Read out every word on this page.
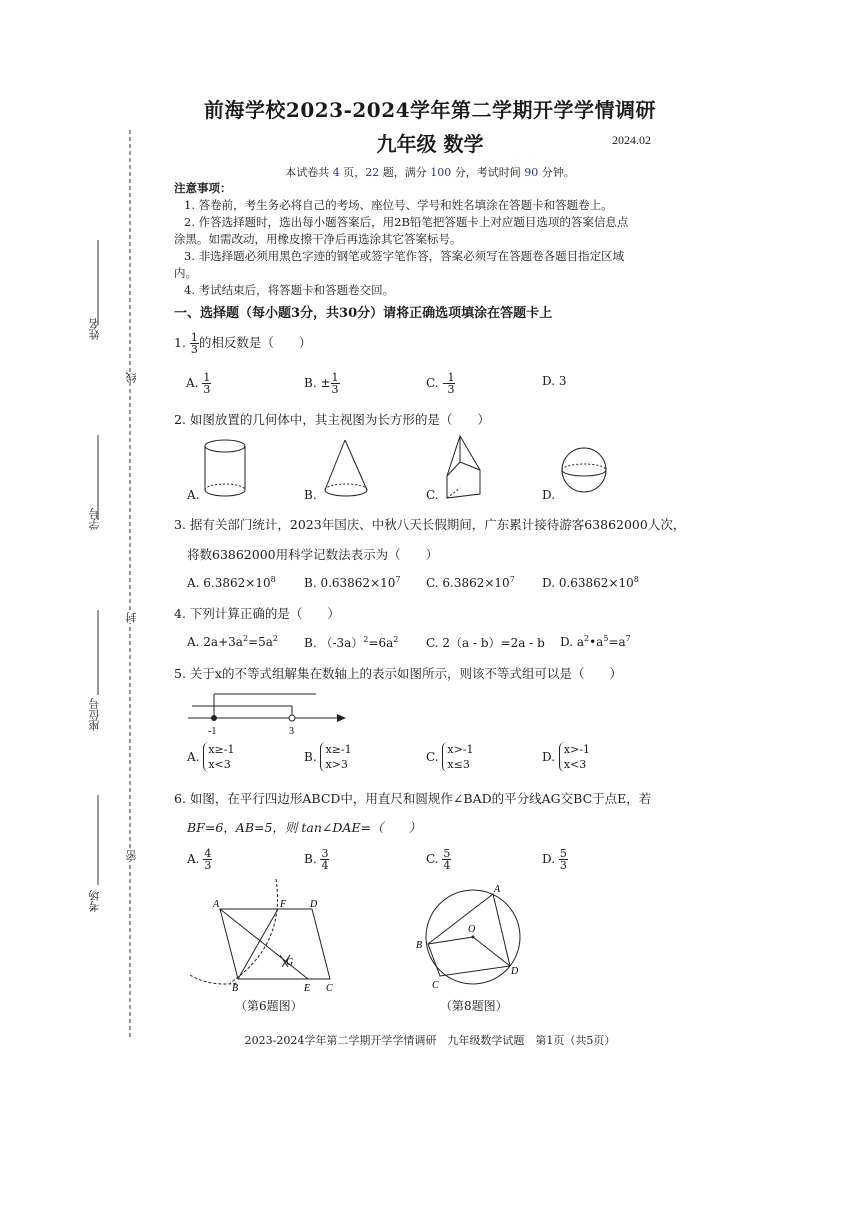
前海学校2023-2024学年第二学期开学学情调研
九年级 数学	2024.02
本试卷共 4 页，22 题，满分 100 分，考试时间 90 分钟。
注意事项：
1. 答卷前，考生务必将自己的考场、座位号、学号和姓名填涂在答题卡和答题卷上。
2. 作答选择题时，选出每小题答案后，用2B铅笔把答题卡上对应题目选项的答案信息点
涂黑。如需改动，用橡皮擦干净后再选涂其它答案标号。
3. 非选择题必须用黑色字迹的钢笔或签字笔作答，答案必须写在答题卷各题目指定区域
内。
4. 考试结束后，将答题卡和答题卷交回。
一、选择题（每小题3分，共30分）请将正确选项填涂在答题卡上
姓名
学号
座位号
考场
线
封
密
1. $\frac{1}{3}$ 的相反数是（　　）
A. $\frac{1}{3}$	B. ± $\frac{1}{3}$	C. - $\frac{1}{3}$	D. 3
2. 如图放置的几何体中，其主视图为长方形的是（　　）
A.	B.	C.	D.
3. 据有关部门统计，2023年国庆、中秋八天长假期间，广东累计接待游客63862000人次，
将数63862000用科学记数法表示为（　　）
A. $6.3862\times 10^8$ B. $0.63862\times 10^7$ C. $6.3862\times 10^7$ D. $0.63862\times 10^8$
4. 下列计算正确的是（　　）
A. $2a+3a^2=5a^2$ B. $(-3a)^2=6a^2$ C. 2（a - b）=2a - b D. $a^2•a^5=a^7$
5. 关于x的不等式组解集在数轴上的表示如图所示，则该不等式组可以是（　　）
-1	3
A.
x≥-1
x<3
B.
x≥-1
x>3
C.
x>-1
x≤3
D.
x>-1
x<3
6. 如图，在平行四边形ABCD中，用直尺和圆规作∠BAD的平分线AG交BC于点E，若
BF=6，AB=5，则 tan∠DAE=（　　）
A. $\frac{4}{3}$	B. $\frac{3}{4}$	C. $\frac{5}{4}$	D. $\frac{5}{3}$
A	F D
G
B	E C
（第6题图）
A
B
O
C
D
（第8题图）
2023-2024学年第二学期开学学情调研　九年级数学试题　第1页（共5页）
